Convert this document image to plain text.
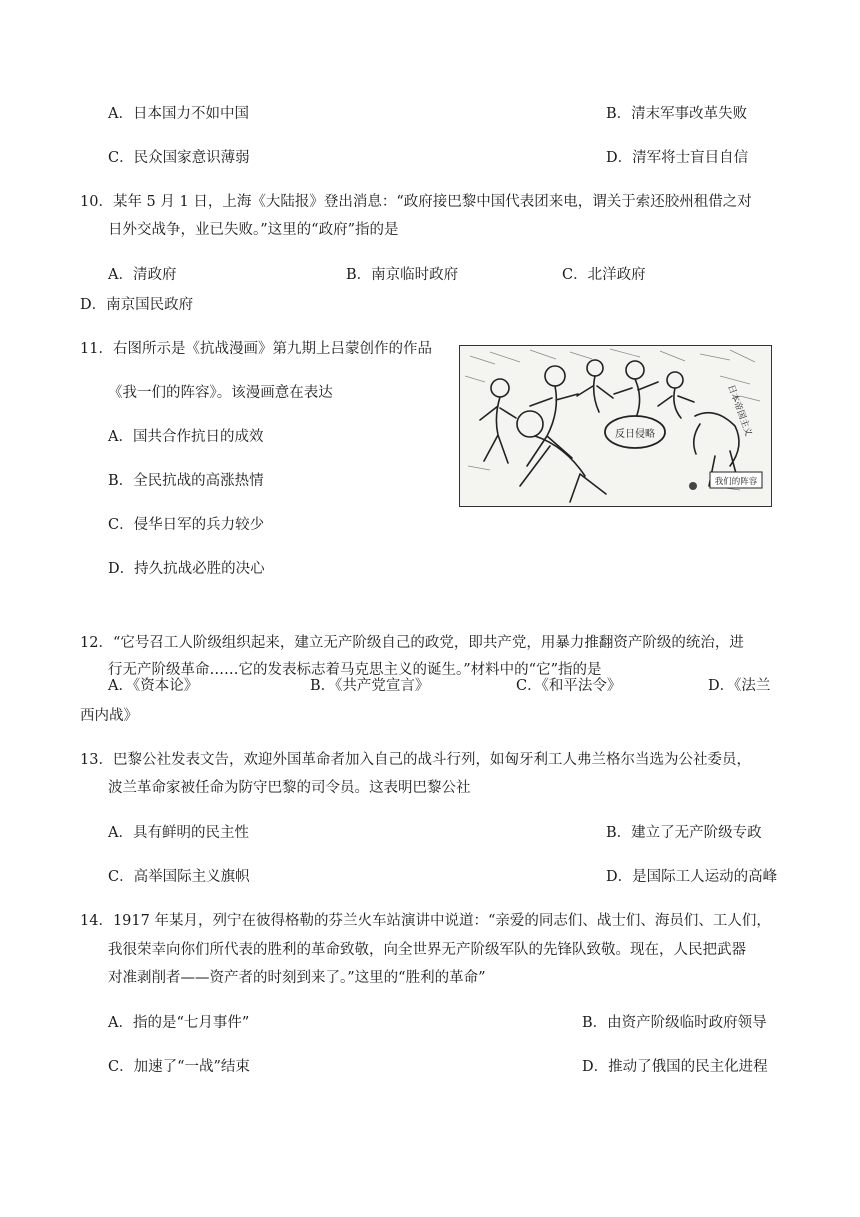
A．日本国力不如中国	B．清末军事改革失败
C．民众国家意识薄弱	D．清军将士盲目自信
10．某年 5 月 1 日，上海《大陆报》登出消息：“政府接巴黎中国代表团来电，谓关于索还胶州租借之对
日外交战争，业已失败。”这里的“政府”指的是
A．清政府	B．南京临时政府	C．北洋政府
D．南京国民政府
11．右图所示是《抗战漫画》第九期上吕蒙创作的作品
《我一们的阵容》。该漫画意在表达
A．国共合作抗日的成效
B．全民抗战的高涨热情
C．侵华日军的兵力较少
D．持久抗战必胜的决心
反日侵略	日本帝国主义
我们的阵容
12．“它号召工人阶级组织起来，建立无产阶级自己的政党，即共产党，用暴力推翻资产阶级的统治，进
行无产阶级革命……它的发表标志着马克思主义的诞生。”材料中的“它”指的是
A．《资本论》	B．《共产党宣言》	C．《和平法令》	D．《法兰
西内战》
13．巴黎公社发表文告，欢迎外国革命者加入自己的战斗行列，如匈牙利工人弗兰格尔当选为公社委员，
波兰革命家被任命为防守巴黎的司令员。这表明巴黎公社
A．具有鲜明的民主性	B．建立了无产阶级专政
C．高举国际主义旗帜	D．是国际工人运动的高峰
14．1917 年某月，列宁在彼得格勒的芬兰火车站演讲中说道：“亲爱的同志们、战士们、海员们、工人们，
我很荣幸向你们所代表的胜利的革命致敬，向全世界无产阶级军队的先锋队致敬。现在，人民把武器
对准剥削者——资产者的时刻到来了。”这里的“胜利的革命”
A．指的是“七月事件”	B．由资产阶级临时政府领导
C．加速了“一战”结束	D．推动了俄国的民主化进程
